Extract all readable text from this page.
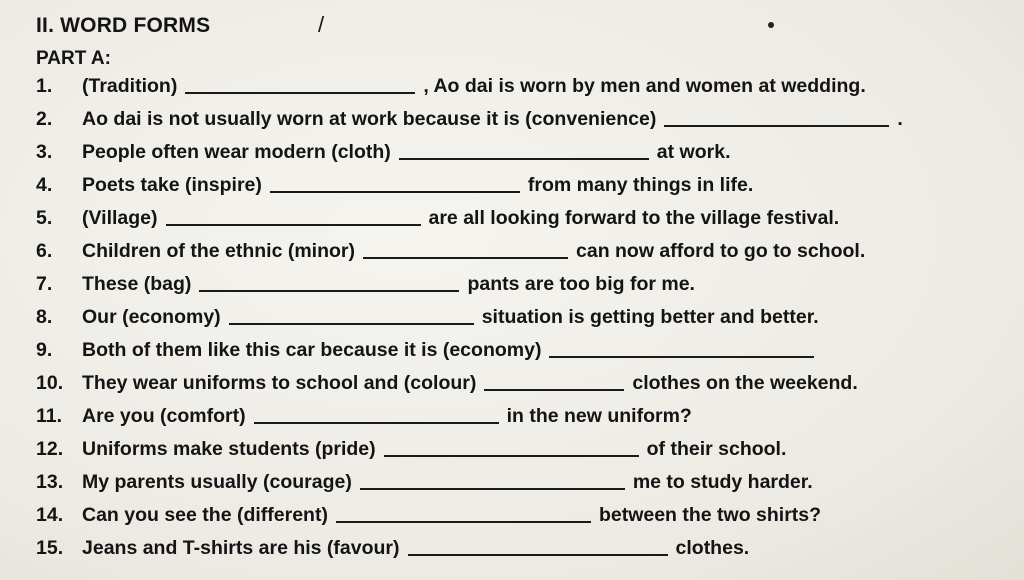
II. WORD FORMS	/
PART A:
1.	(Tradition)	, Ao dai is worn by men and women at wedding.
2.	Ao dai is not usually worn at work because it is (convenience)	.
3.	People often wear modern (cloth)	at work.
4.	Poets take (inspire)	from many things in life.
5.	(Village)	are all looking forward to the village festival.
6.	Children of the ethnic (minor)	can now afford to go to school.
7.	These (bag)	pants are too big for me.
8.	Our (economy)	situation is getting better and better.
9.	Both of them like this car because it is (economy)
10. They wear uniforms to school and (colour)	clothes on the weekend.
11.	Are you (comfort)	in the new uniform?
12. Uniforms make students (pride)	of their school.
13. My parents usually (courage)	me to study harder.
14. Can you see the (different)	between the two shirts?
15. Jeans and T-shirts are his (favour)	clothes.
